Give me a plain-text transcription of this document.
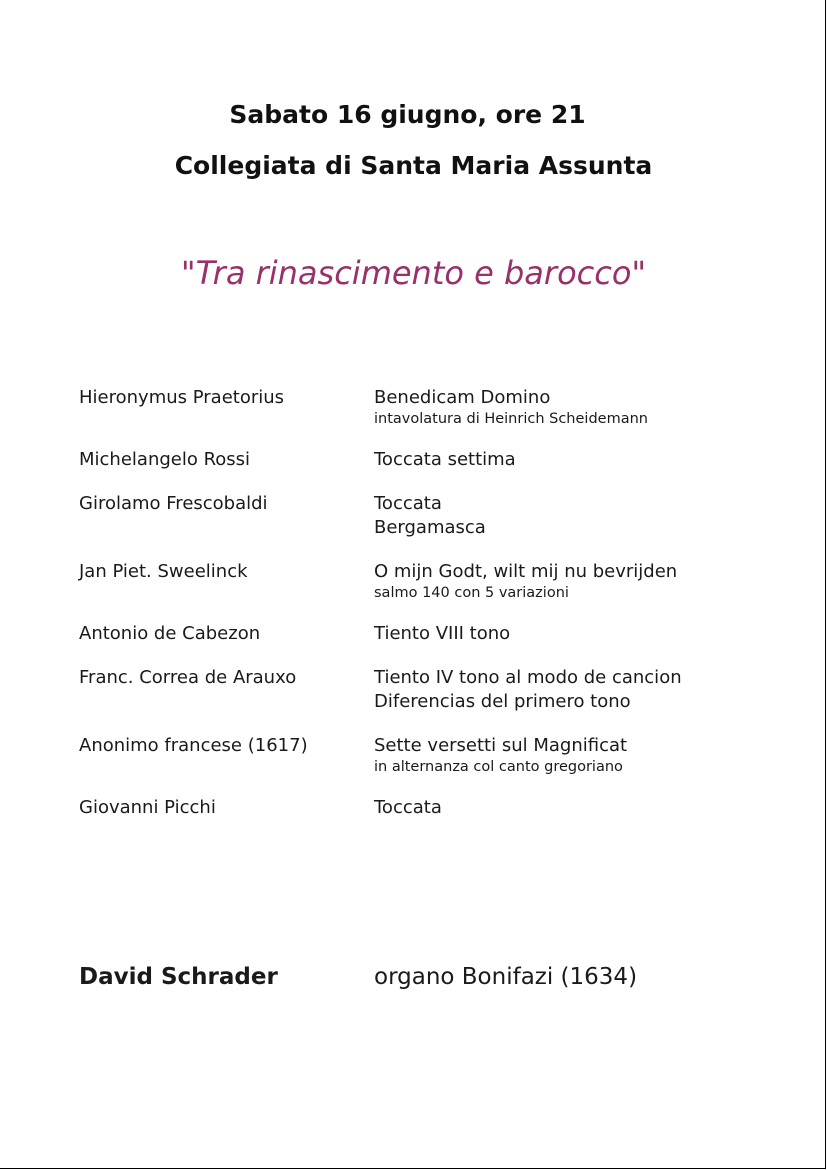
Sabato 16 giugno, ore 21
Collegiata di Santa Maria Assunta
"Tra rinascimento e barocco"
Hieronymus Praetorius	Benedicam Domino
intavolatura di Heinrich Scheidemann
Michelangelo Rossi	Toccata settima
Girolamo Frescobaldi	Toccata
Bergamasca
Jan Piet. Sweelinck	O mijn Godt, wilt mij nu bevrijden
salmo 140 con 5 variazioni
Antonio de Cabezon	Tiento VIII tono
Franc. Correa de Arauxo	Tiento IV tono al modo de cancion
Diferencias del primero tono
Anonimo francese (1617)	Sette versetti sul Magnificat
in alternanza col canto gregoriano
Giovanni Picchi	Toccata
David Schrader	organo Bonifazi (1634)
